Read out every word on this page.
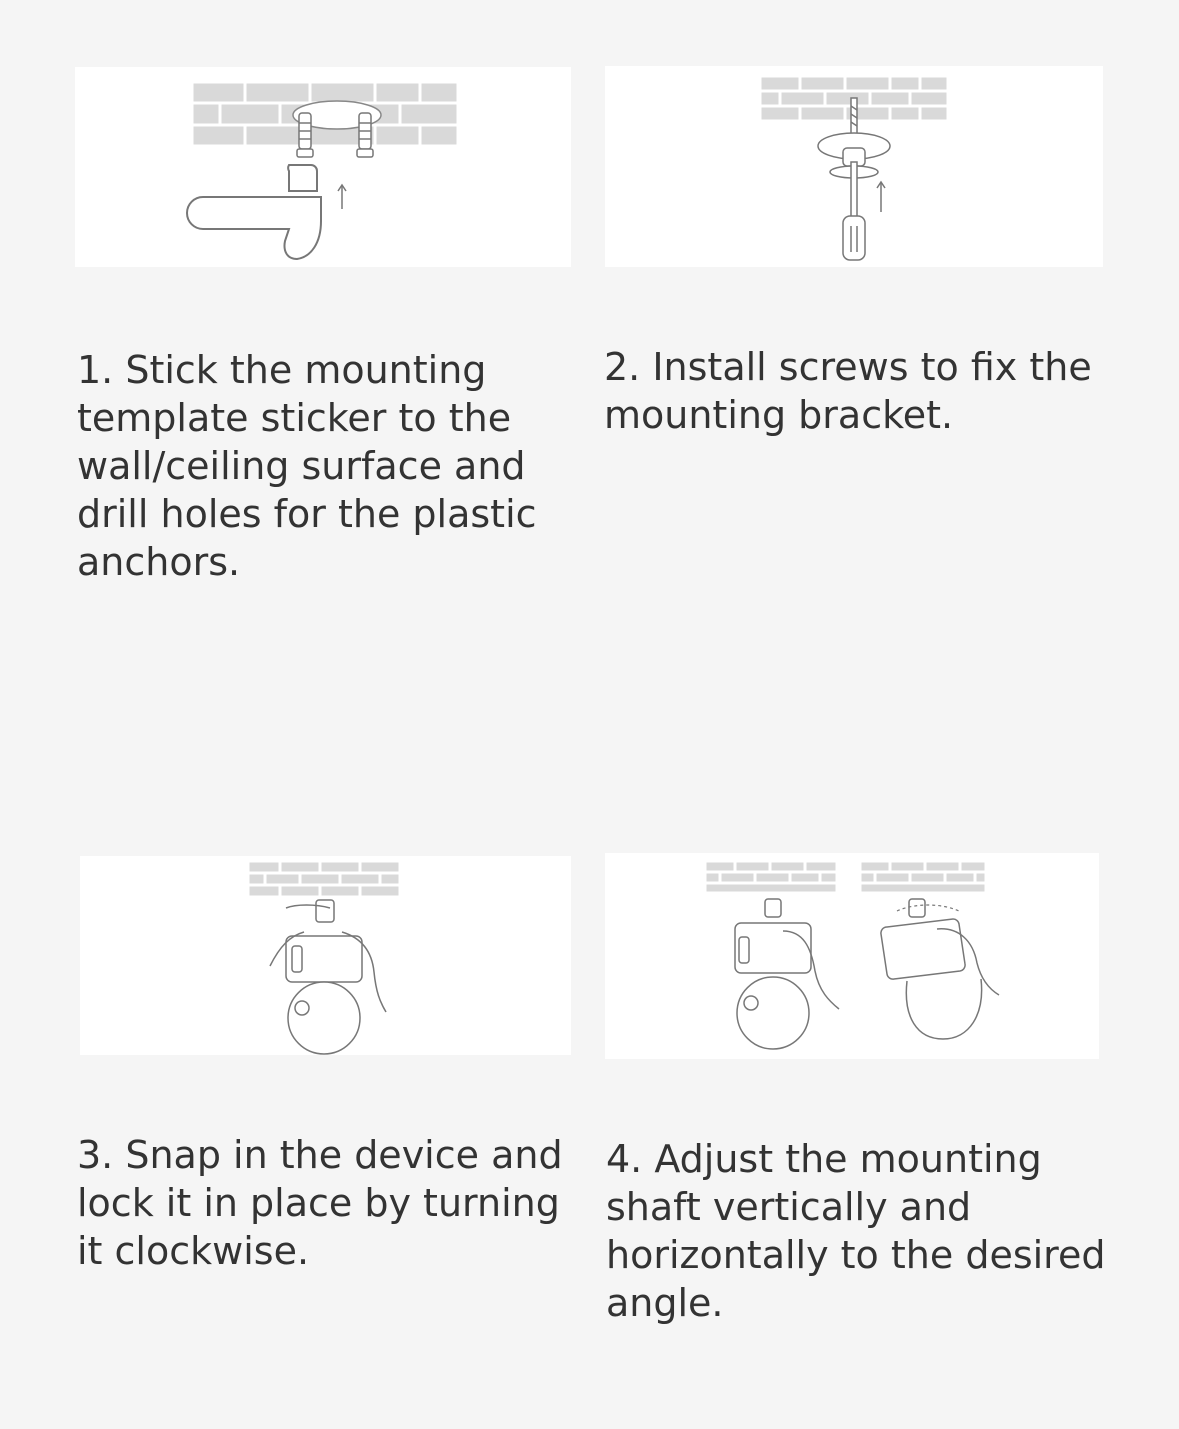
1. Stick the mounting template sticker to the wall/ceiling surface and drill holes for the plastic anchors.

2. Install screws to fix the mounting bracket.

3. Snap in the device and lock it in place by turning it clockwise.

4. Adjust the mounting shaft vertically and horizontally to the desired angle.
